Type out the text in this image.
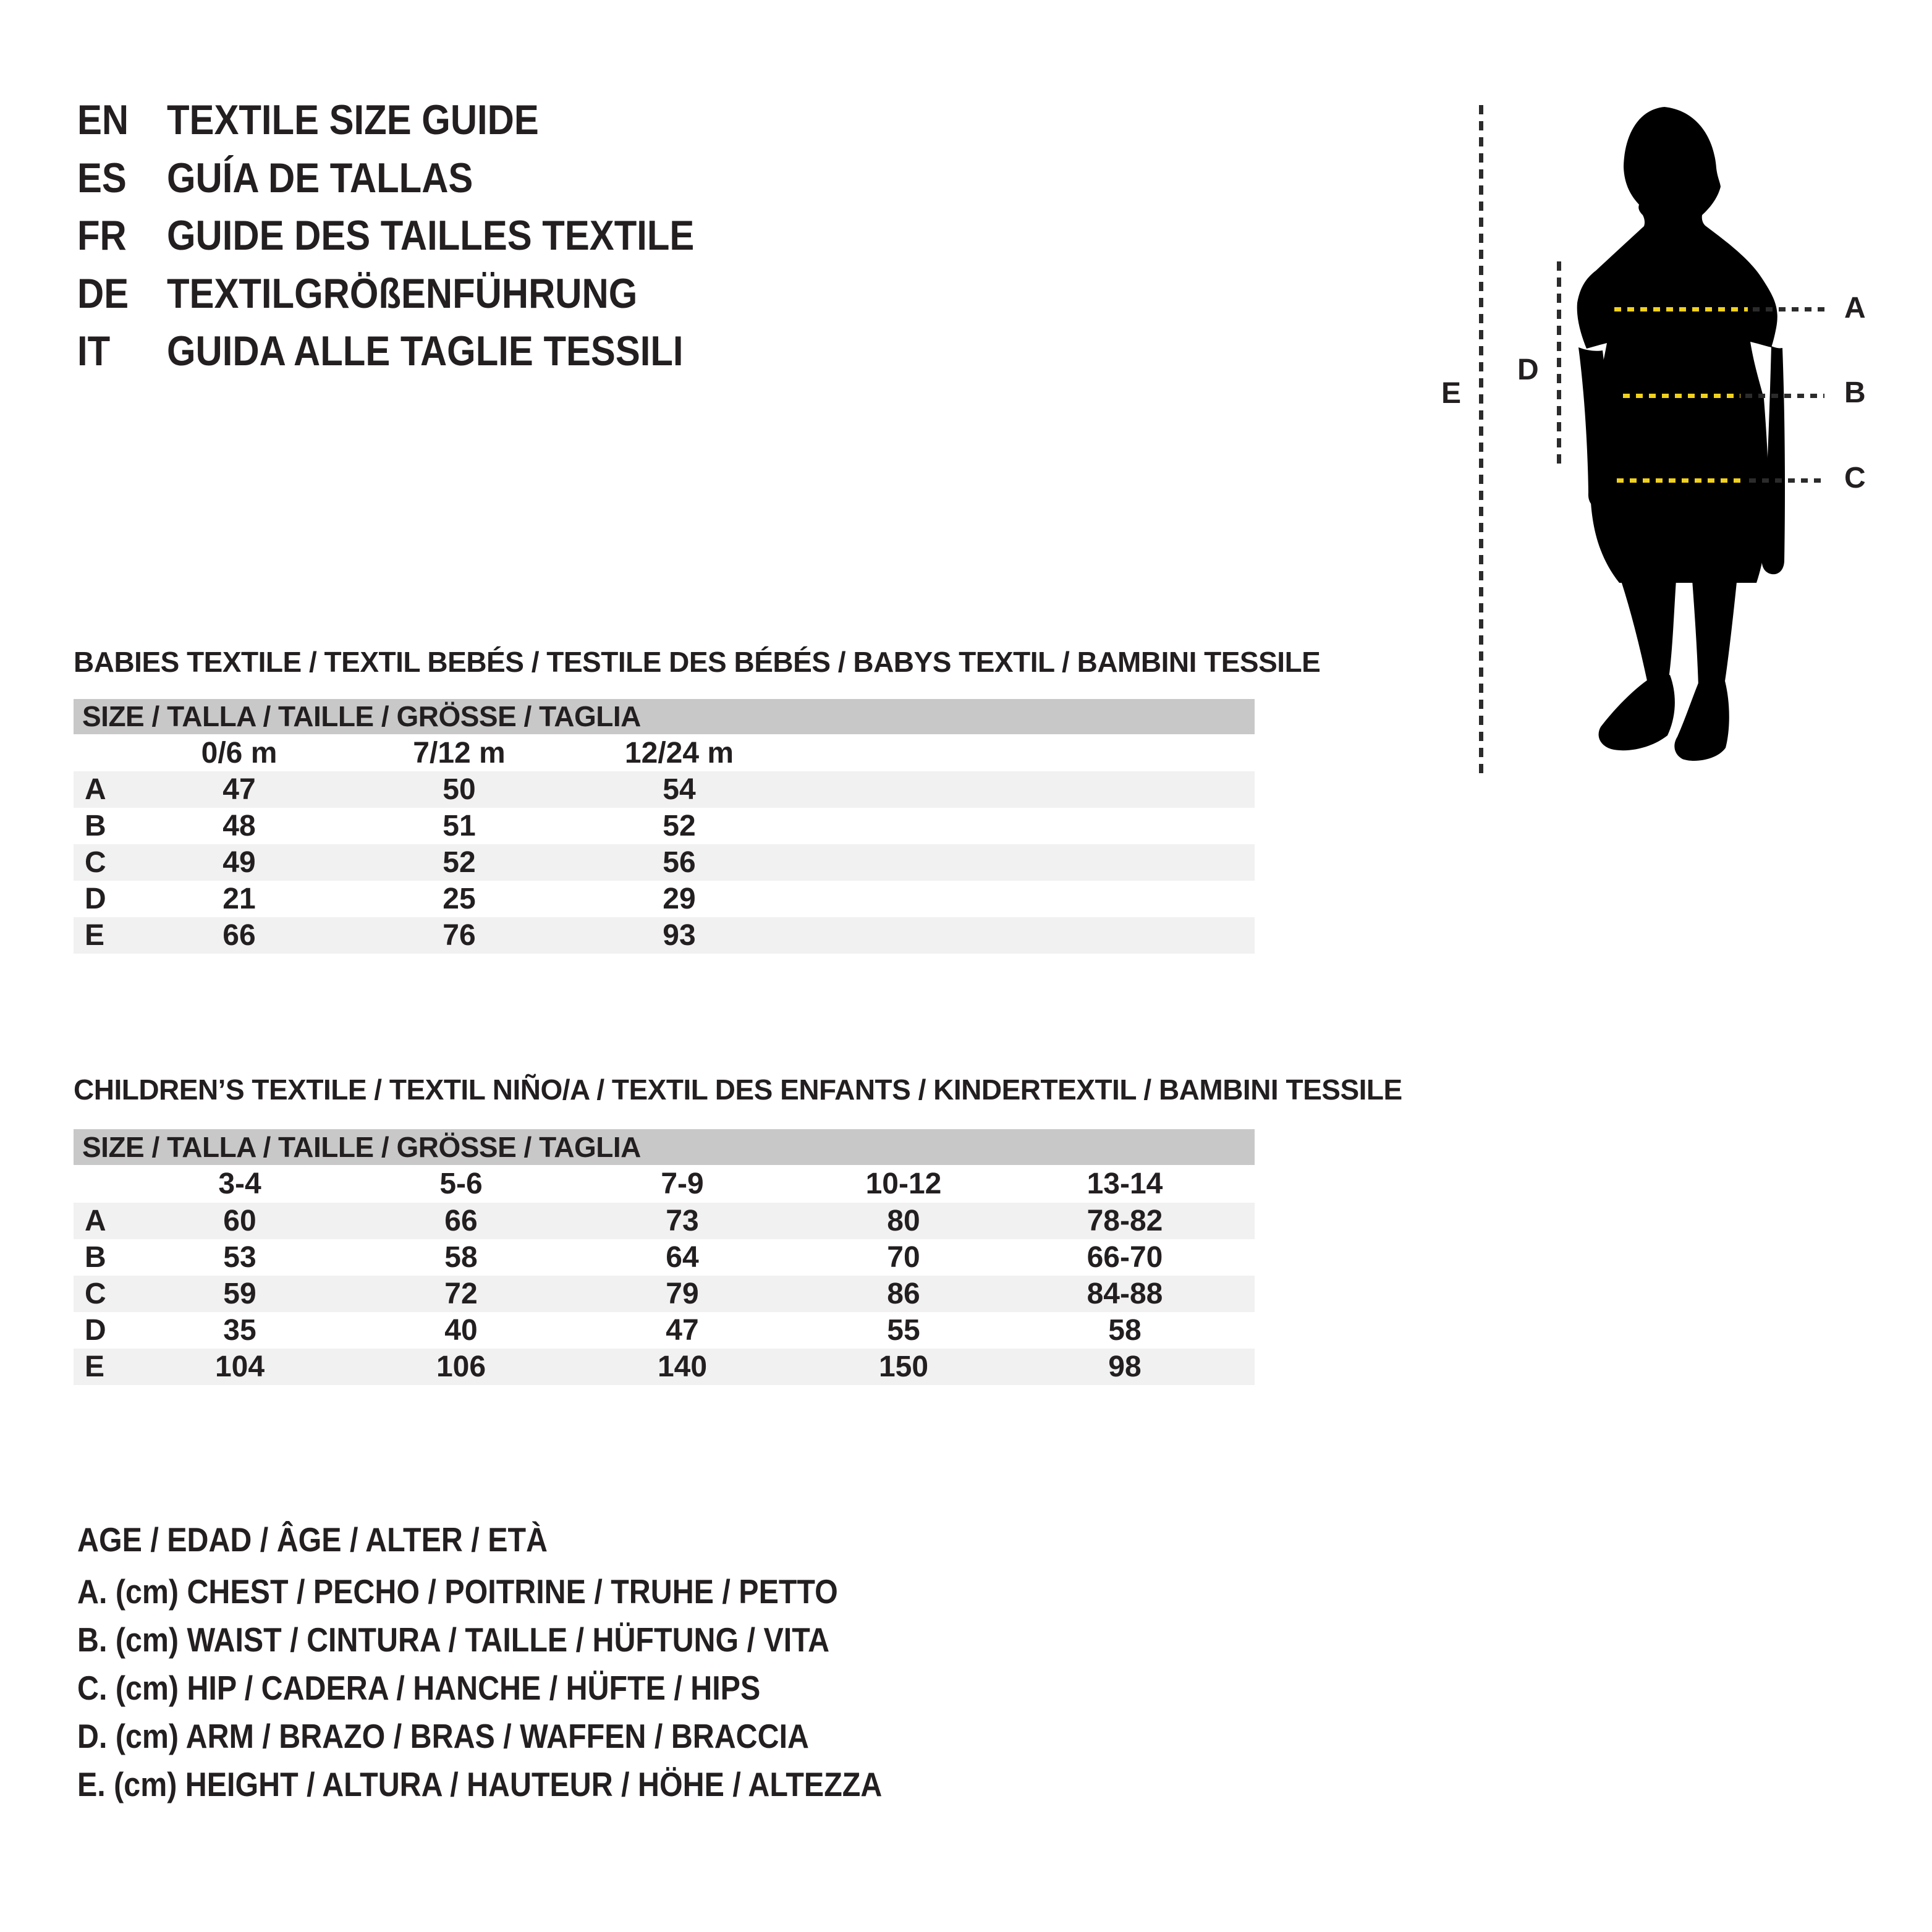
EN TEXTILE SIZE GUIDE
ES GUÍA DE TALLAS
FR GUIDE DES TAILLES TEXTILE
DE TEXTILGRÖßENFÜHRUNG
IT GUIDA ALLE TAGLIE TESSILI
A
B
C
D
E
BABIES TEXTILE / TEXTIL BEBÉS / TESTILE DES BÉBÉS / BABYS TEXTIL / BAMBINI TESSILE
SIZE / TALLA / TAILLE / GRÖSSE / TAGLIA
	0/6 m	7/12 m	12/24 m	
A	47	50	54	
B	48	51	52	
C	49	52	56	
D	21	25	29	
E	66	76	93	
CHILDREN’S TEXTILE / TEXTIL NIÑO/A / TEXTIL DES ENFANTS / KINDERTEXTIL / BAMBINI TESSILE
SIZE / TALLA / TAILLE / GRÖSSE / TAGLIA
	3-4	5-6	7-9	10-12	13-14	
A	60	66	73	80	78-82	
B	53	58	64	70	66-70	
C	59	72	79	86	84-88	
D	35	40	47	55	58	
E	104	106	140	150	98	
AGE / EDAD / ÂGE / ALTER / ETÀ
A. (cm) CHEST / PECHO / POITRINE / TRUHE / PETTO
B. (cm) WAIST / CINTURA / TAILLE / HÜFTUNG / VITA
C. (cm) HIP / CADERA / HANCHE / HÜFTE / HIPS
D. (cm) ARM / BRAZO / BRAS / WAFFEN / BRACCIA
E. (cm) HEIGHT / ALTURA / HAUTEUR / HÖHE / ALTEZZA
